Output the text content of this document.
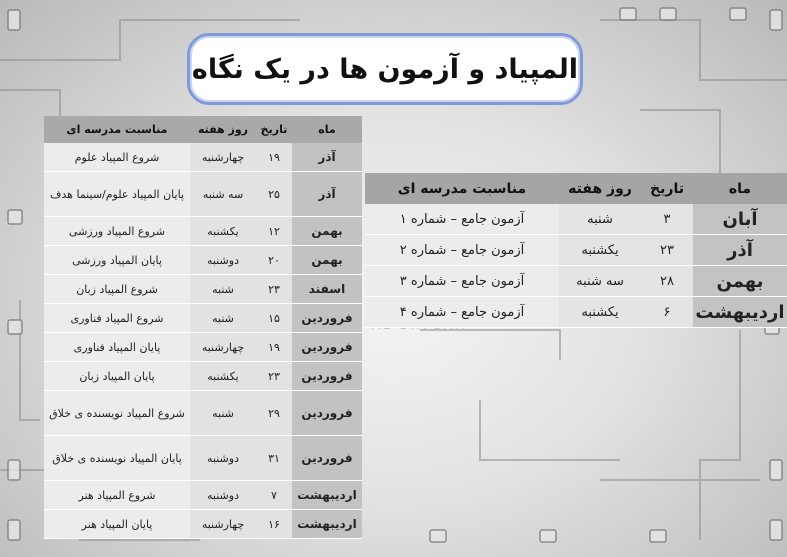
المپیاد و آزمون ها در یک نگاه
ماه	تاریخ	روز هفته	مناسبت مدرسه ای
آذر	۱۹	چهارشنبه	شروع المپیاد علوم
آذر	۲۵	سه شنبه	پایان المپیاد علوم/سینما هدف
بهمن	۱۲	یکشنبه	شروع المپیاد ورزشی
بهمن	۲۰	دوشنبه	پایان المپیاد ورزشی
اسفند	۲۳	شنبه	شروع المپیاد زبان
فروردین	۱۵	شنبه	شروع المپیاد فناوری
فروردین	۱۹	چهارشنبه	پایان المپیاد فناوری
فروردین	۲۳	یکشنبه	پایان المپیاد زبان
فروردین	۲۹	شنبه	شروع المپیاد نویسنده ی خلاق
فروردین	۳۱	دوشنبه	پایان المپیاد نویسنده ی خلاق
اردیبهشت	۷	دوشنبه	شروع المپیاد هنر
اردیبهشت	۱۶	چهارشنبه	پایان المپیاد هنر
ماه	تاریخ	روز هفته	مناسبت مدرسه ای
آبان	۳	شنبه	آزمون جامع – شماره ۱
آذر	۲۳	یکشنبه	آزمون جامع – شماره ۲
بهمن	۲۸	سه شنبه	آزمون جامع – شماره ۳
اردیبهشت	۶	یکشنبه	آزمون جامع – شماره ۴
